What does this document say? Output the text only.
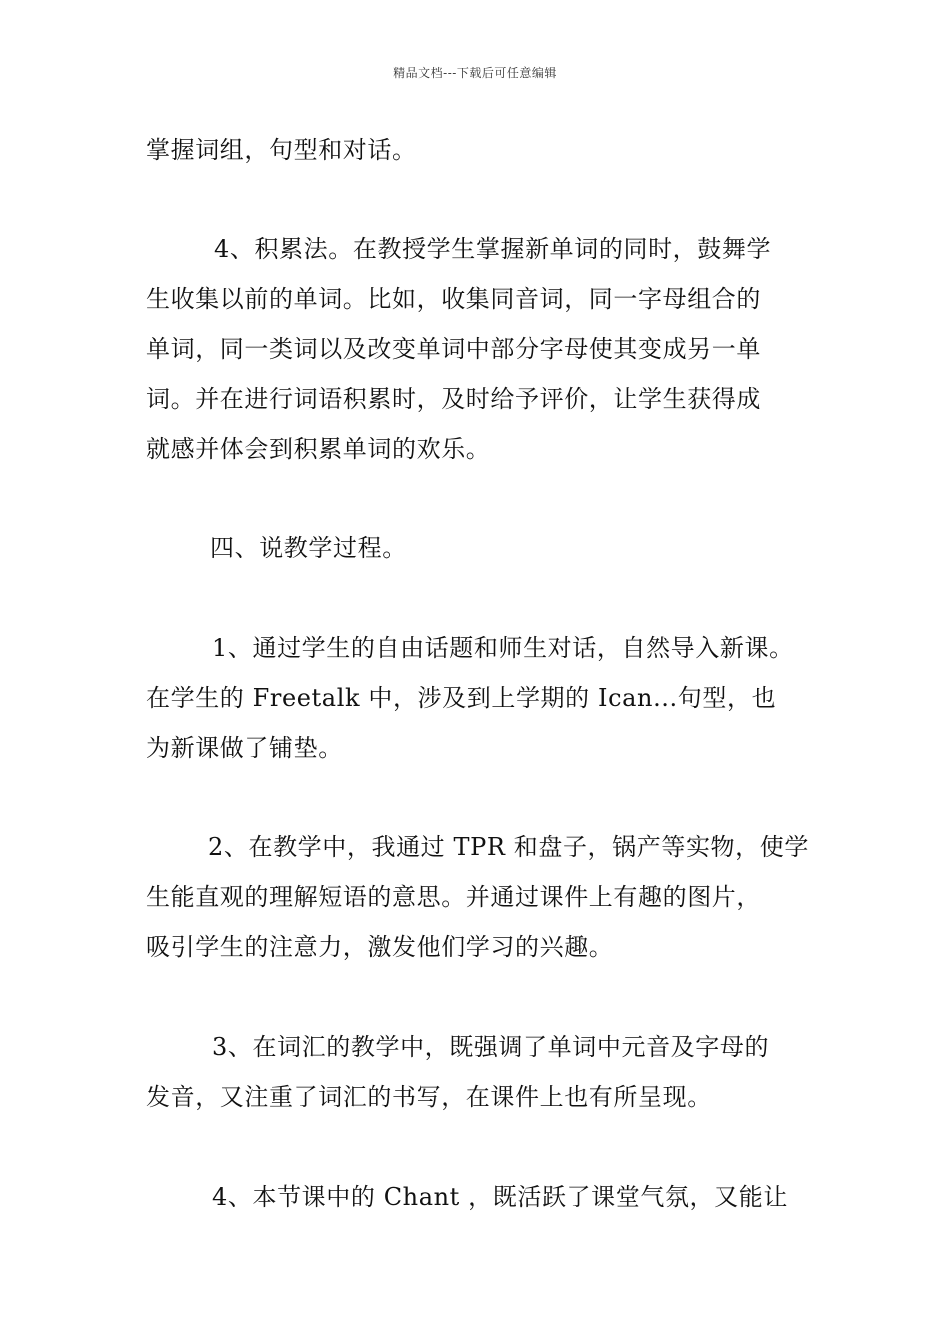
精品文档---下载后可任意编辑
掌握词组，句型和对话。
4、积累法。在教授学生掌握新单词的同时，鼓舞学
生收集以前的单词。比如，收集同音词，同一字母组合的
单词，同一类词以及改变单词中部分字母使其变成另一单
词。并在进行词语积累时，及时给予评价，让学生获得成
就感并体会到积累单词的欢乐。
四、说教学过程。
1、通过学生的自由话题和师生对话，自然导入新课。
在学生的 Freetalk 中，涉及到上学期的 Ican...句型，也
为新课做了铺垫。
2、在教学中，我通过 TPR 和盘子，锅产等实物，使学
生能直观的理解短语的意思。并通过课件上有趣的图片，
吸引学生的注意力，激发他们学习的兴趣。
3、在词汇的教学中，既强调了单词中元音及字母的
发音，又注重了词汇的书写，在课件上也有所呈现。
4、本节课中的 Chant ，既活跃了课堂气氛，又能让
